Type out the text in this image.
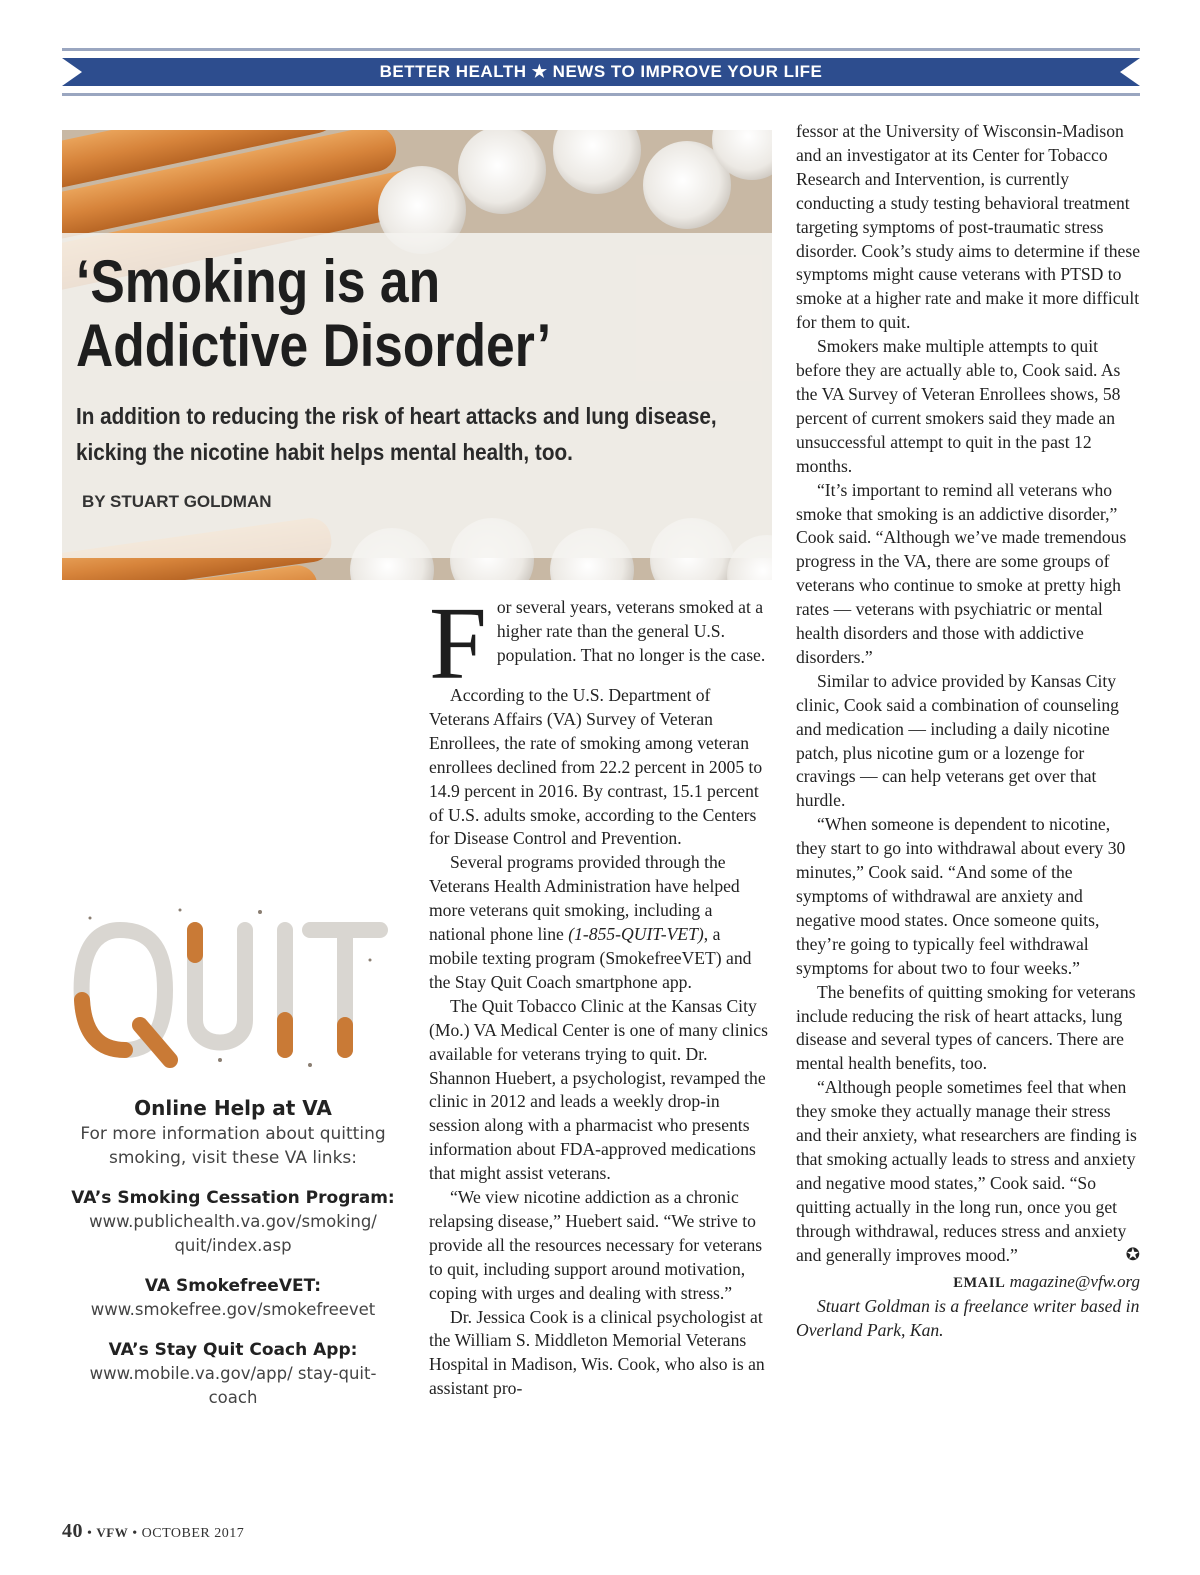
BETTER HEALTH ★ NEWS TO IMPROVE YOUR LIFE
‘Smoking is an
Addictive Disorder’

In addition to reducing the risk of heart attacks and lung disease, kicking the nicotine habit helps mental health, too.

BY STUART GOLDMAN
Online Help at VA

For more information about quitting smoking, visit these VA links:

VA’s Smoking Cessation Program:
www.publichealth.va.gov/smoking/ quit/index.asp
VA SmokefreeVET:
www.smokefree.gov/smokefreevet
VA’s Stay Quit Coach App:
www.mobile.va.gov/app/ stay-quit-coach
F or several years, veterans smoked at a higher rate than the general U.S. population. That no longer is the case.

According to the U.S. Department of Veterans Affairs (VA) Survey of Veteran Enrollees, the rate of smoking among veteran enrollees declined from 22.2 percent in 2005 to 14.9 percent in 2016. By contrast, 15.1 percent of U.S. adults smoke, according to the Centers for Disease Control and Prevention.

Several programs provided through the Veterans Health Administration have helped more veterans quit smoking, including a national phone line (1-855-QUIT-VET), a mobile texting program (SmokefreeVET) and the Stay Quit Coach smartphone app.

The Quit Tobacco Clinic at the Kansas City (Mo.) VA Medical Center is one of many clinics available for veterans trying to quit. Dr. Shannon Huebert, a psychologist, revamped the clinic in 2012 and leads a weekly drop-in session along with a pharmacist who presents information about FDA-approved medications that might assist veterans.

“We view nicotine addiction as a chronic relapsing disease,” Huebert said. “We strive to provide all the resources necessary for veterans to quit, including support around motivation, coping with urges and dealing with stress.”

Dr. Jessica Cook is a clinical psychologist at the William S. Middleton Memorial Veterans Hospital in Madison, Wis. Cook, who also is an assistant pro-

fessor at the University of Wisconsin-Madison and an investigator at its Center for Tobacco Research and Intervention, is currently conducting a study testing behavioral treatment targeting symptoms of post-traumatic stress disorder. Cook’s study aims to determine if these symptoms might cause veterans with PTSD to smoke at a higher rate and make it more difficult for them to quit.

Smokers make multiple attempts to quit before they are actually able to, Cook said. As the VA Survey of Veteran Enrollees shows, 58 percent of current smokers said they made an unsuccessful attempt to quit in the past 12 months.

“It’s important to remind all veterans who smoke that smoking is an addictive disorder,” Cook said. “Although we’ve made tremendous progress in the VA, there are some groups of veterans who continue to smoke at pretty high rates — veterans with psychiatric or mental health disorders and those with addictive disorders.”

Similar to advice provided by Kansas City clinic, Cook said a combination of counseling and medication — including a daily nicotine patch, plus nicotine gum or a lozenge for cravings — can help veterans get over that hurdle.

“When someone is dependent to nicotine, they start to go into withdrawal about every 30 minutes,” Cook said. “And some of the symptoms of withdrawal are anxiety and negative mood states. Once someone quits, they’re going to typically feel withdrawal symptoms for about two to four weeks.”

The benefits of quitting smoking for veterans include reducing the risk of heart attacks, lung disease and several types of cancers. There are mental health benefits, too.

“Although people sometimes feel that when they smoke they actually manage their stress and their anxiety, what researchers are finding is that smoking actually leads to stress and anxiety and negative mood states,” Cook said. “So quitting actually in the long run, once you get through withdrawal, reduces stress and anxiety and generally improves mood.”	✪

EMAIL magazine@vfw.org

Stuart Goldman is a freelance writer based in Overland Park, Kan.

40 • VFW • OCTOBER 2017
